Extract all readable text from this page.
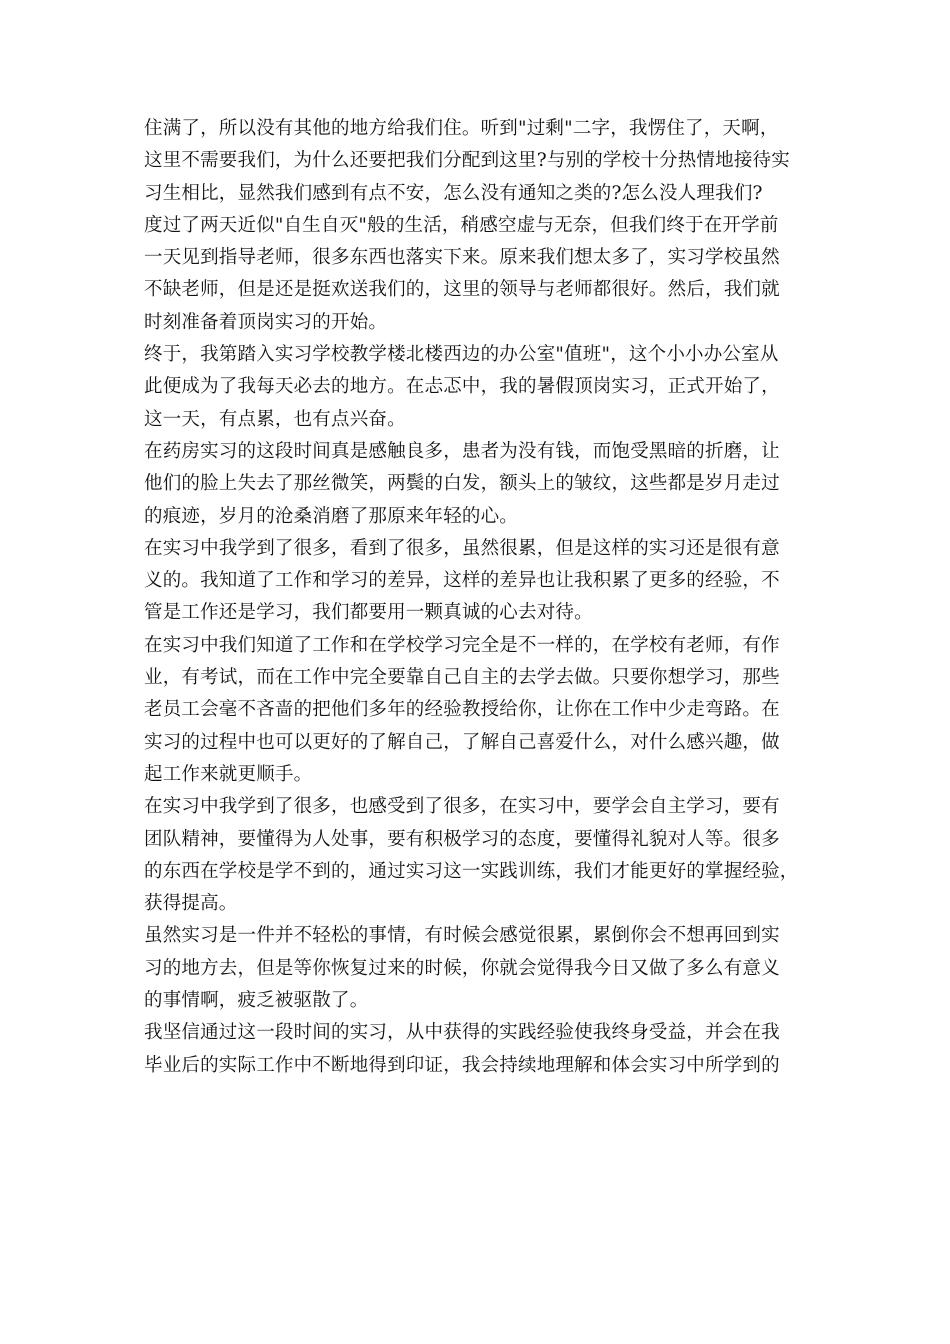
住满了，所以没有其他的地方给我们住。听到"过剩"二字，我愣住了，天啊，
这里不需要我们，为什么还要把我们分配到这里?与别的学校十分热情地接待实
习生相比，显然我们感到有点不安，怎么没有通知之类的?怎么没人理我们?
度过了两天近似"自生自灭"般的生活，稍感空虚与无奈，但我们终于在开学前
一天见到指导老师，很多东西也落实下来。原来我们想太多了，实习学校虽然
不缺老师，但是还是挺欢送我们的，这里的领导与老师都很好。然后，我们就
时刻准备着顶岗实习的开始。
终于，我第踏入实习学校教学楼北楼西边的办公室"值班"，这个小小办公室从
此便成为了我每天必去的地方。在忐忑中，我的暑假顶岗实习，正式开始了，
这一天，有点累，也有点兴奋。
在药房实习的这段时间真是感触良多，患者为没有钱，而饱受黑暗的折磨，让
他们的脸上失去了那丝微笑，两鬓的白发，额头上的皱纹，这些都是岁月走过
的痕迹，岁月的沧桑消磨了那原来年轻的心。
在实习中我学到了很多，看到了很多，虽然很累，但是这样的实习还是很有意
义的。我知道了工作和学习的差异，这样的差异也让我积累了更多的经验，不
管是工作还是学习，我们都要用一颗真诚的心去对待。
在实习中我们知道了工作和在学校学习完全是不一样的，在学校有老师，有作
业，有考试，而在工作中完全要靠自己自主的去学去做。只要你想学习，那些
老员工会毫不吝啬的把他们多年的经验教授给你，让你在工作中少走弯路。在
实习的过程中也可以更好的了解自己，了解自己喜爱什么，对什么感兴趣，做
起工作来就更顺手。
在实习中我学到了很多，也感受到了很多，在实习中，要学会自主学习，要有
团队精神，要懂得为人处事，要有积极学习的态度，要懂得礼貌对人等。很多
的东西在学校是学不到的，通过实习这一实践训练，我们才能更好的掌握经验，
获得提高。
虽然实习是一件并不轻松的事情，有时候会感觉很累，累倒你会不想再回到实
习的地方去，但是等你恢复过来的时候，你就会觉得我今日又做了多么有意义
的事情啊，疲乏被驱散了。
我坚信通过这一段时间的实习，从中获得的实践经验使我终身受益，并会在我
毕业后的实际工作中不断地得到印证，我会持续地理解和体会实习中所学到的
